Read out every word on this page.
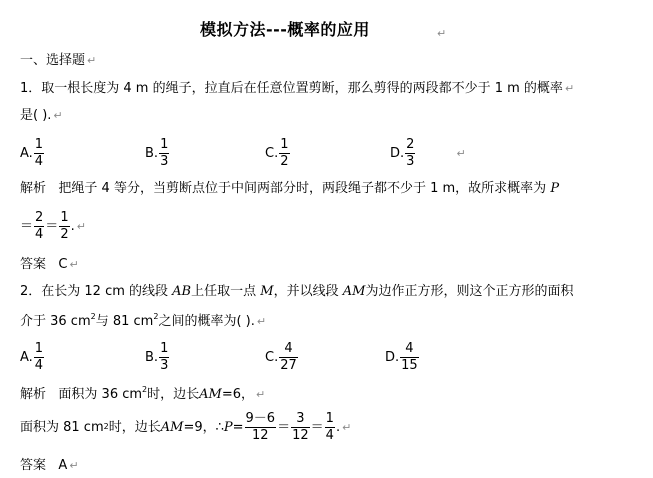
模拟方法---概率的应用	↵
一、选择题 ↵
1．取一根长度为 4 m 的绳子，拉直后在任意位置剪断，那么剪得的两段都不少于 1 m 的概率 ↵
是( ). ↵
A. $\frac{1}{4}$	B. $\frac{1}{3}$	C. $\frac{1}{2}$	D. $\frac{2}{3}$	↵
解析 把绳子 4 等分，当剪断点位于中间两部分时，两段绳子都不少于 1 m，故所求概率为 P
＝ $\frac{2}{4} = \frac{1}{2}$ . ↵
答案 C ↵
2．在长为 12 cm 的线段 AB上任取一点 M，并以线段 AM为边作正方形，则这个正方形的面积
介于 36 $cm^2$与 81 $cm^2$之间的概率为( ). ↵
A. $\frac{1}{4}$	B. $\frac{1}{3}$	C. $\frac{4}{27}$	D. $\frac{4}{15}$
解析 面积为 36 $cm^2$时，边长AM=6， ↵
面积为 81 cm 2 时，边长 AM =9，∴ $P = \frac{9-6}{12} = \frac{3}{12} = \frac{1}{4}$ . ↵
答案 A ↵
